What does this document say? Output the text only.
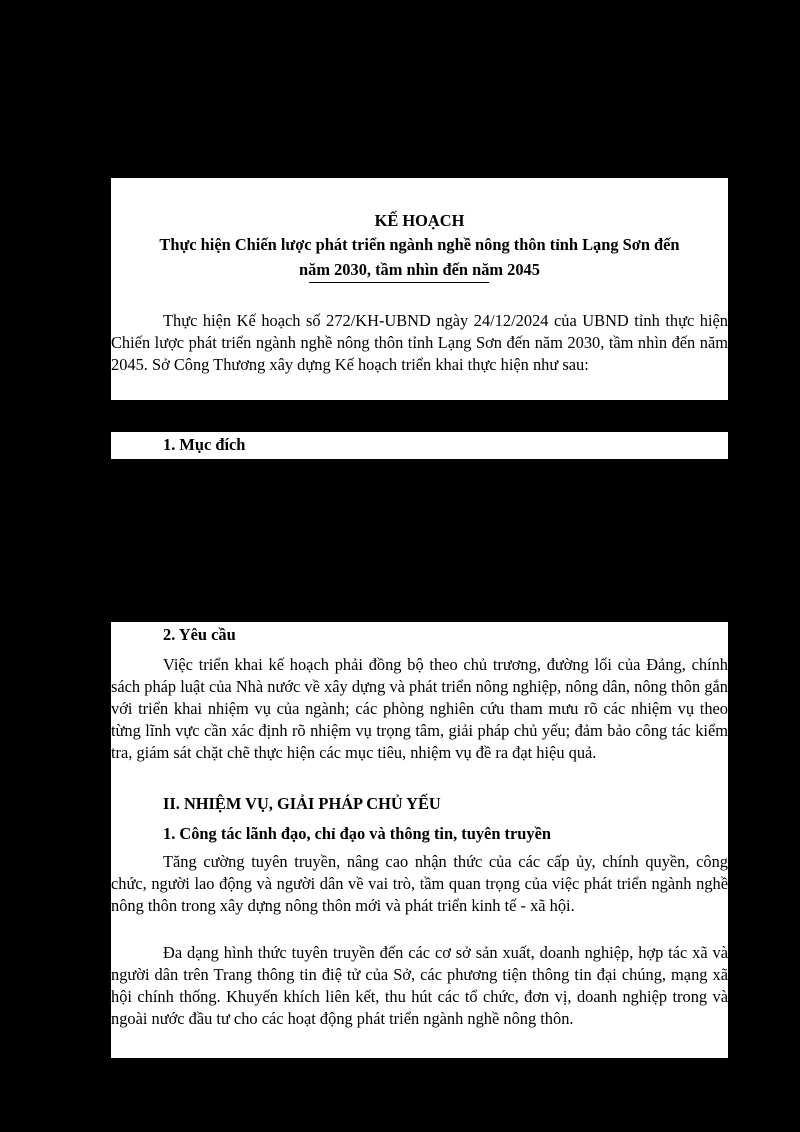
KẾ HOẠCH
Thực hiện Chiến lược phát triển ngành nghề nông thôn tỉnh Lạng Sơn đến
năm 2030, tầm nhìn đến năm 2045

Thực hiện Kế hoạch số 272/KH-UBND ngày 24/12/2024 của UBND tỉnh thực hiện Chiến lược phát triển ngành nghề nông thôn tỉnh Lạng Sơn đến năm 2030, tầm nhìn đến năm 2045. Sở Công Thương xây dựng Kế hoạch triển khai thực hiện như sau:

1. Mục đích
2. Yêu cầu

Việc triển khai kế hoạch phải đồng bộ theo chủ trương, đường lối của Đảng, chính sách pháp luật của Nhà nước về xây dựng và phát triển nông nghiệp, nông dân, nông thôn gắn với triển khai nhiệm vụ của ngành; các phòng nghiên cứu tham mưu rõ các nhiệm vụ theo từng lĩnh vực cần xác định rõ nhiệm vụ trọng tâm, giải pháp chủ yếu; đảm bảo công tác kiểm tra, giám sát chặt chẽ thực hiện các mục tiêu, nhiệm vụ đề ra đạt hiệu quả.

II. NHIỆM VỤ, GIẢI PHÁP CHỦ YẾU
1. Công tác lãnh đạo, chỉ đạo và thông tin, tuyên truyền

Tăng cường tuyên truyền, nâng cao nhận thức của các cấp ủy, chính quyền, công chức, người lao động và người dân về vai trò, tầm quan trọng của việc phát triển ngành nghề nông thôn trong xây dựng nông thôn mới và phát triển kinh tế - xã hội.

Đa dạng hình thức tuyên truyền đến các cơ sở sản xuất, doanh nghiệp, hợp tác xã và người dân trên Trang thông tin điệ tử của Sở, các phương tiện thông tin đại chúng, mạng xã hội chính thống. Khuyến khích liên kết, thu hút các tổ chức, đơn vị, doanh nghiệp trong và ngoài nước đầu tư cho các hoạt động phát triển ngành nghề nông thôn.
